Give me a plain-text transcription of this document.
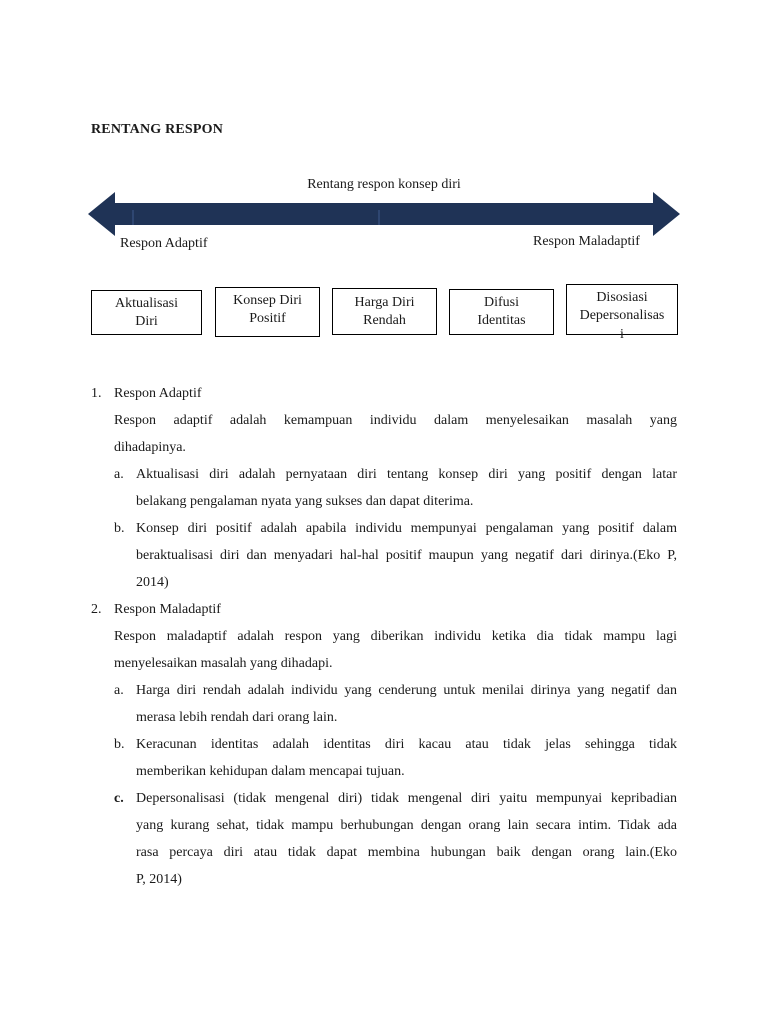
RENTANG RESPON
Rentang respon konsep diri
Respon Adaptif	Respon Maladaptif
Aktualisasi
Diri
Konsep Diri
Positif
Harga Diri
Rendah
Difusi
Identitas
Disosiasi
Depersonalisas
i
1. Respon Adaptif
Respon adaptif adalah kemampuan individu dalam menyelesaikan masalah yang
dihadapinya.
a. Aktualisasi diri adalah pernyataan diri tentang konsep diri yang positif dengan latar
belakang pengalaman nyata yang sukses dan dapat diterima.
b. Konsep diri positif adalah apabila individu mempunyai pengalaman yang positif dalam
beraktualisasi diri dan menyadari hal-hal positif maupun yang negatif dari dirinya.(Eko P,
2014)
2. Respon Maladaptif
Respon maladaptif adalah respon yang diberikan individu ketika dia tidak mampu lagi
menyelesaikan masalah yang dihadapi.
a. Harga diri rendah adalah individu yang cenderung untuk menilai dirinya yang negatif dan
merasa lebih rendah dari orang lain.
b. Keracunan identitas adalah identitas diri kacau atau tidak jelas sehingga tidak
memberikan kehidupan dalam mencapai tujuan.
c. Depersonalisasi (tidak mengenal diri) tidak mengenal diri yaitu mempunyai kepribadian
yang kurang sehat, tidak mampu berhubungan dengan orang lain secara intim. Tidak ada
rasa percaya diri atau tidak dapat membina hubungan baik dengan orang lain.(Eko
P, 2014)
